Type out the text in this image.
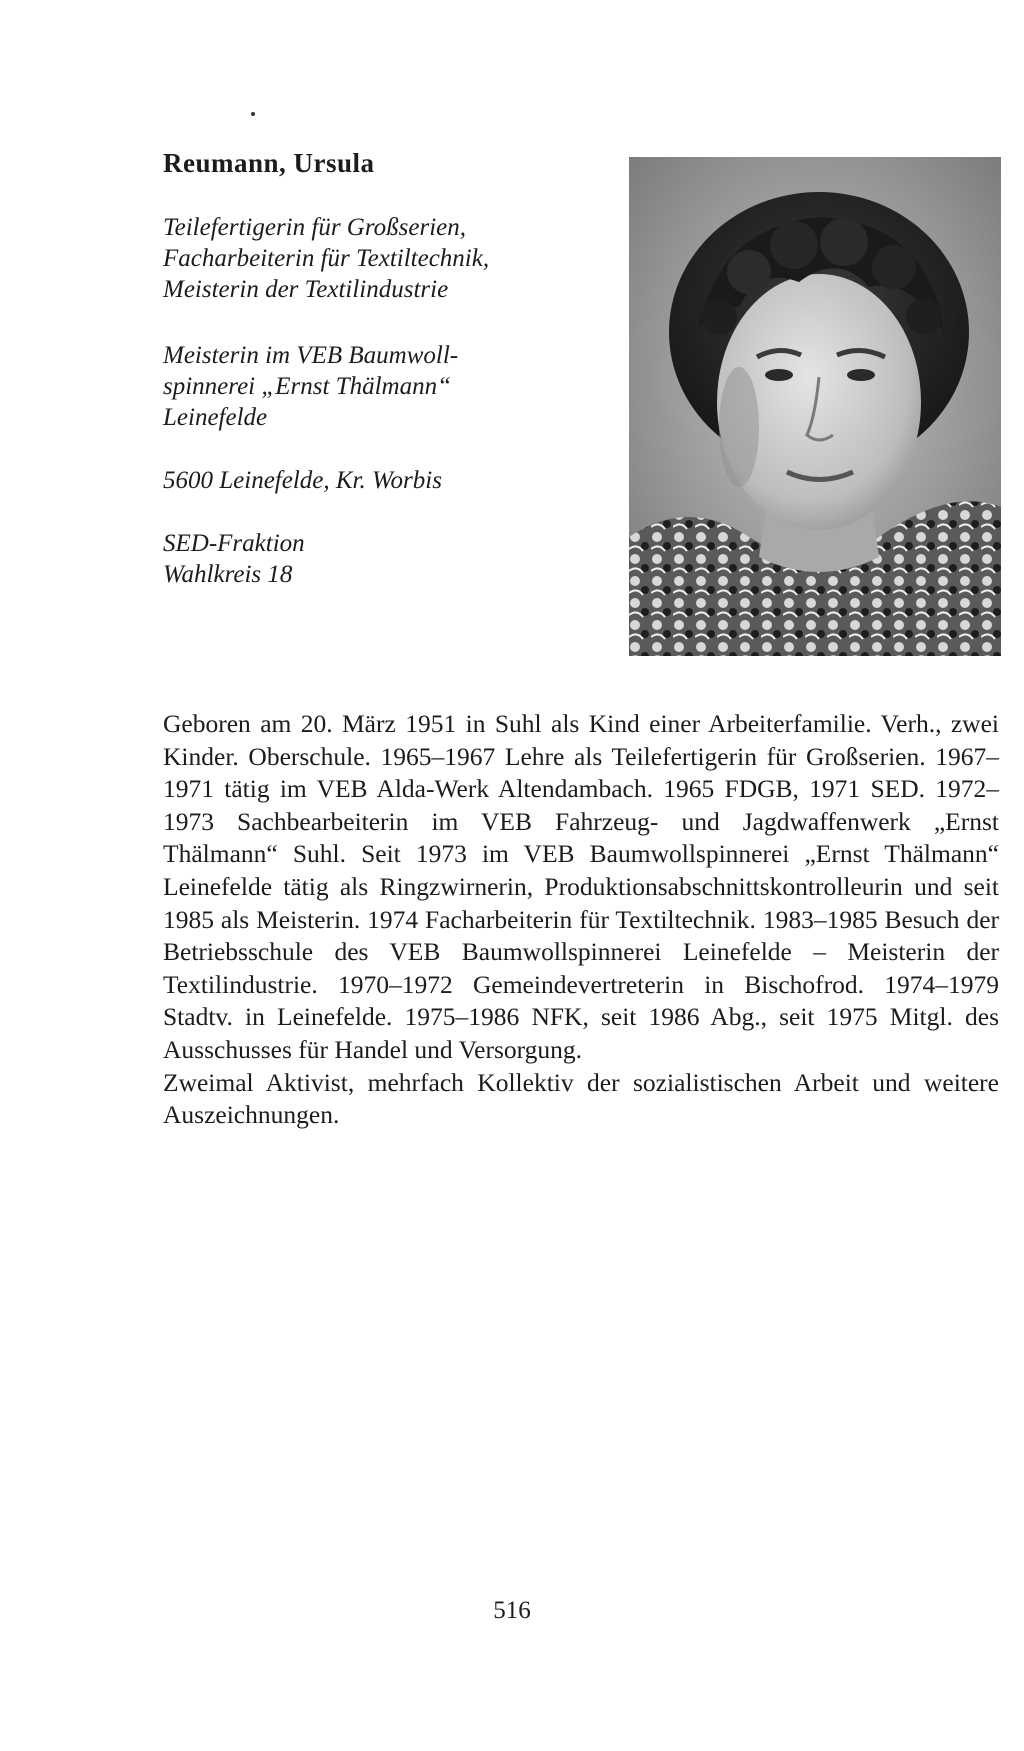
Reumann, Ursula
Teilefertigerin für Großserien,
Facharbeiterin für Textiltechnik,
Meisterin der Textilindustrie
Meisterin im VEB Baumwoll-
spinnerei „Ernst Thälmann“
Leinefelde
5600 Leinefelde, Kr. Worbis
SED-Fraktion
Wahlkreis 18

Geboren am 20. März 1951 in Suhl als Kind einer Arbeiterfamilie. Verh., zwei Kinder. Oberschule. 1965–1967 Lehre als Teilefertigerin für Großserien. 1967–1971 tätig im VEB Alda-Werk Altendambach. 1965 FDGB, 1971 SED. 1972–1973 Sachbearbeiterin im VEB Fahrzeug- und Jagdwaffenwerk „Ernst Thälmann“ Suhl. Seit 1973 im VEB Baumwollspinnerei „Ernst Thälmann“ Leinefelde tätig als Ringzwirnerin, Produktionsabschnittskontrolleurin und seit 1985 als Meisterin. 1974 Facharbeiterin für Textiltechnik. 1983–1985 Besuch der Betriebsschule des VEB Baumwollspinnerei Leinefelde – Meisterin der Textilindustrie. 1970–1972 Gemeindevertreterin in Bischofrod. 1974–1979 Stadtv. in Leinefelde. 1975–1986 NFK, seit 1986 Abg., seit 1975 Mitgl. des Ausschusses für Handel und Versorgung.

Zweimal Aktivist, mehrfach Kollektiv der sozialistischen Arbeit und weitere Auszeichnungen.

516
